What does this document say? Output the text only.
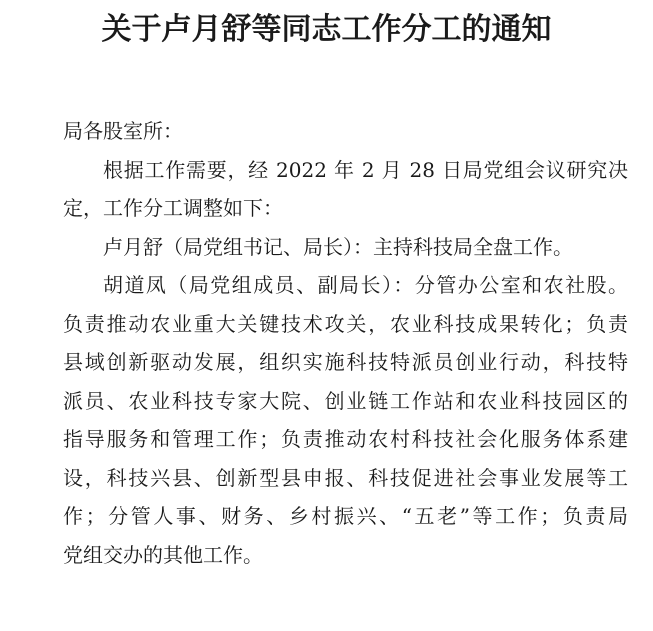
关于卢月舒等同志工作分工的通知
局各股室所：
根据工作需要，经 2022 年 2 月 28 日局党组会议研究决
定，工作分工调整如下：
卢月舒（局党组书记、局长）：主持科技局全盘工作。
胡道凤（局党组成员、副局长）：分管办公室和农社股。
负责推动农业重大关键技术攻关，农业科技成果转化；负责
县域创新驱动发展，组织实施科技特派员创业行动，科技特
派员、农业科技专家大院、创业链工作站和农业科技园区的
指导服务和管理工作；负责推动农村科技社会化服务体系建
设，科技兴县、创新型县申报、科技促进社会事业发展等工
作；分管人事、财务、乡村振兴、“五老”等工作；负责局
党组交办的其他工作。
